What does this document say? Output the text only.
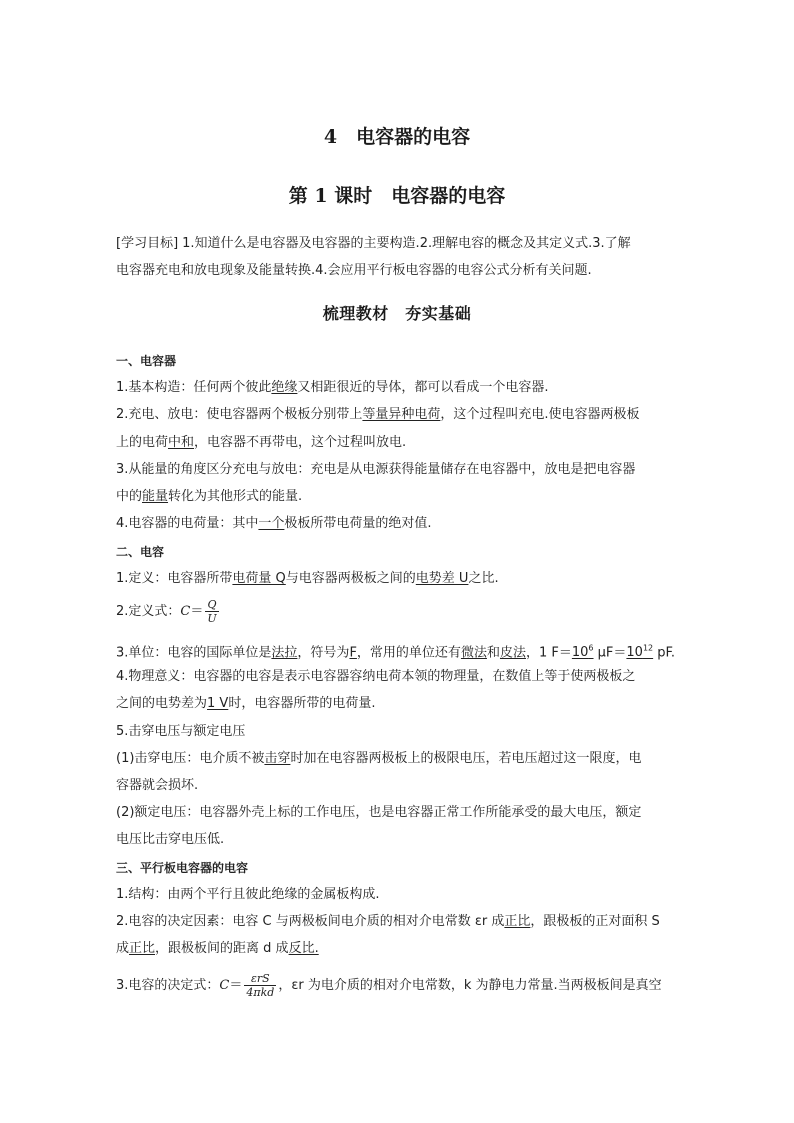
4　电容器的电容
第 1 课时　电容器的电容
[学习目标] 1.知道什么是电容器及电容器的主要构造.2.理解电容的概念及其定义式.3.了解
电容器充电和放电现象及能量转换.4.会应用平行板电容器的电容公式分析有关问题.
梳理教材　夯实基础
一、电容器
1.基本构造：任何两个彼此绝缘又相距很近的导体，都可以看成一个电容器.
2.充电、放电：使电容器两个极板分别带上等量异种电荷，这个过程叫充电.使电容器两极板
上的电荷中和，电容器不再带电，这个过程叫放电.
3.从能量的角度区分充电与放电：充电是从电源获得能量储存在电容器中，放电是把电容器
中的能量转化为其他形式的能量.
4.电容器的电荷量：其中一个极板所带电荷量的绝对值.
二、电容
1.定义：电容器所带电荷量 Q与电容器两极板之间的电势差 U之比.
2.定义式：$C= \frac{Q}{U}$
3.单位：电容的国际单位是法拉，符号为F，常用的单位还有微法和皮法，1 $F=10^6$ $\mu F=10^{12}$ pF.
4.物理意义：电容器的电容是表示电容器容纳电荷本领的物理量，在数值上等于使两极板之
之间的电势差为1 V时，电容器所带的电荷量.
5.击穿电压与额定电压
(1)击穿电压：电介质不被击穿时加在电容器两极板上的极限电压，若电压超过这一限度，电
容器就会损坏.
(2)额定电压：电容器外壳上标的工作电压，也是电容器正常工作所能承受的最大电压，额定
电压比击穿电压低.
三、平行板电容器的电容
1.结构：由两个平行且彼此绝缘的金属板构成.
2.电容的决定因素：电容 C 与两极板间电介质的相对介电常数 εr 成正比，跟极板的正对面积 S
成正比，跟极板间的距离 d 成反比.
3.电容的决定式：$C= \frac{\text{εrS}}{\text{4πkd}}$ ，εr 为电介质的相对介电常数，k 为静电力常量.当两极板间是真空
